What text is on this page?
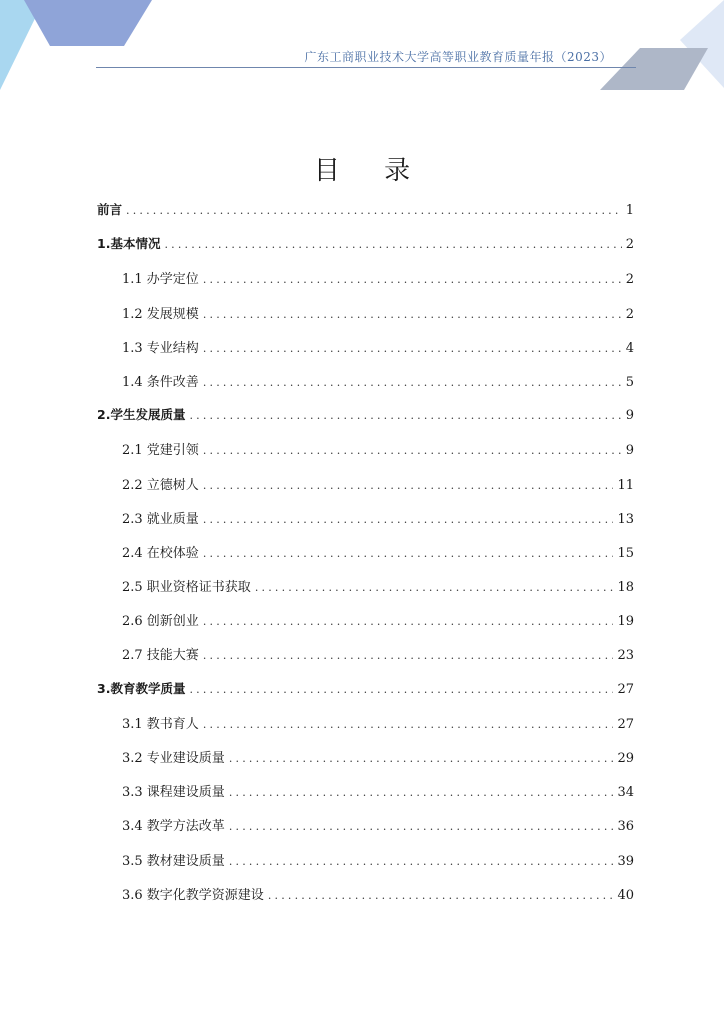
广东工商职业技术大学高等职业教育质量年报（2023）
目 录
前言 .....	1
1.基本情况 .....	2
1.1 办学定位 .....	2
1.2 发展规模 .....	2
1.3 专业结构 .....	4
1.4 条件改善 .....	5
2.学生发展质量 .....	9
2.1 党建引领 .....	9
2.2 立德树人 .....	11
2.3 就业质量 .....	13
2.4 在校体验 .....	15
2.5 职业资格证书获取 .....	18
2.6 创新创业 .....	19
2.7 技能大赛 .....	23
3.教育教学质量 .....	27
3.1 教书育人 .....	27
3.2 专业建设质量 .....	29
3.3 课程建设质量 .....	34
3.4 教学方法改革 .....	36
3.5 教材建设质量 .....	39
3.6 数字化教学资源建设 .....	40
